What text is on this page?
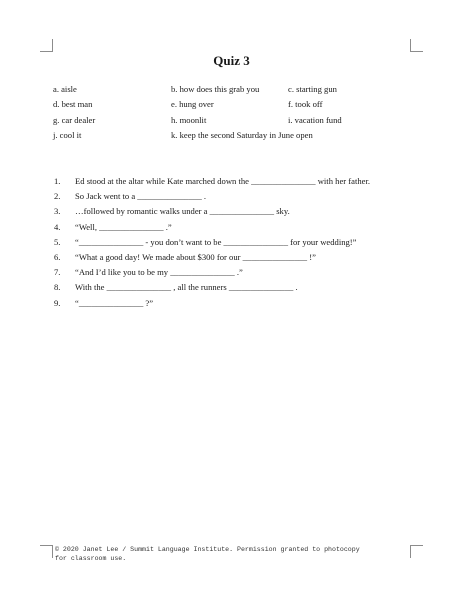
Quiz 3
a. aisle	b. how does this grab you	c. starting gun
d. best man	e. hung over	f. took off
g. car dealer	h. moonlit	i. vacation fund
j. cool it	k. keep the second Saturday in June open
1. Ed stood at the altar while Kate marched down the _______________ with her father.
2. So Jack went to a _______________ .
3. …followed by romantic walks under a _______________ sky.
4. “Well, _______________ .”
5. “_______________ - you don’t want to be _______________ for your wedding!”
6. “What a good day! We made about $300 for our _______________ !”
7. “And I’d like you to be my _______________ .”
8. With the _______________ , all the runners _______________ .
9. “_______________ ?”
© 2020 Janet Lee / Summit Language Institute. Permission granted to photocopy
for classroom use.
